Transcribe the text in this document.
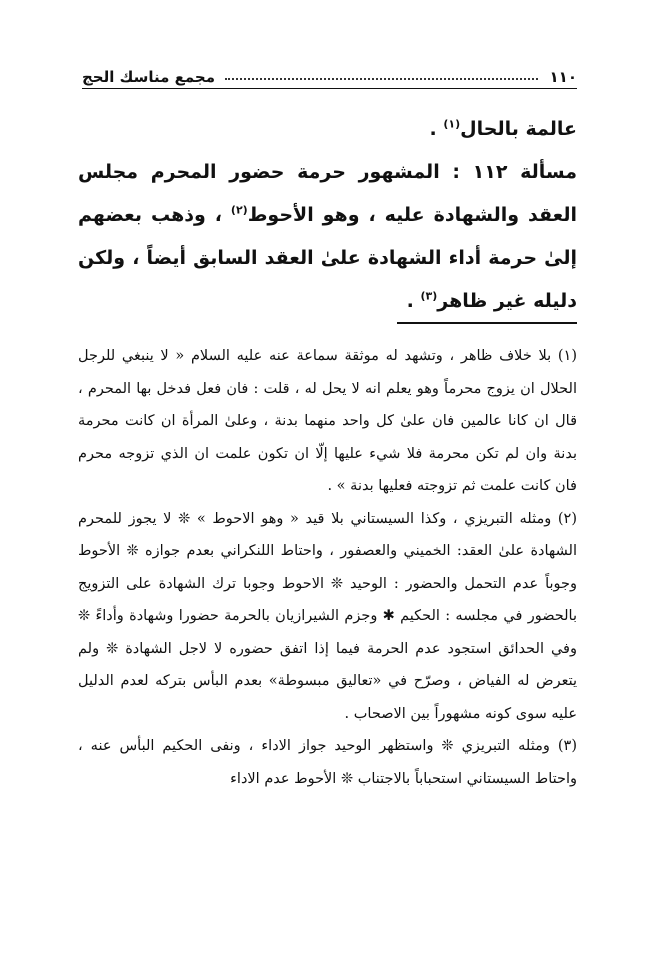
١١٠
مجمع مناسك الحج

عالمة بالحال$^{(١)}$ .

مسألة ١١٢ : المشهور حرمة حضور المحرم مجلس العقد والشهادة عليه ، وهو الأحوط$^{(٢)}$ ، وذهب بعضهم إلىٰ حرمة أداء الشهادة علىٰ العقد السابق أيضاً ، ولكن دليله غير ظاهر$^{(٣)}$ .

(١) بلا خلاف ظاهر ، وتشهد له موثقة سماعة عنه عليه السلام « لا ينبغي للرجل الحلال ان يزوج محرماً وهو يعلم انه لا يحل له ، قلت : فان فعل فدخل بها المحرم ، قال ان كانا عالمين فان علىٰ كل واحد منهما بدنة ، وعلىٰ المرأة ان كانت محرمة بدنة وان لم تكن محرمة فلا شيء عليها إلّا ان تكون علمت ان الذي تزوجه محرم فان كانت علمت ثم تزوجته فعليها بدنة » .

(٢) ومثله التبريزي ، وكذا السيستاني بلا قيد « وهو الاحوط » ❊ لا يجوز للمحرم الشهادة علىٰ العقد: الخميني والعصفور ، واحتاط اللنكراني بعدم جوازه ❊ الأحوط وجوباً عدم التحمل والحضور : الوحيد ❊ الاحوط وجوبا ترك الشهادة على التزويج بالحضور في مجلسه : الحكيم ✱ وجزم الشيرازيان بالحرمة حضورا وشهادة وأداءً ❊ وفي الحدائق استجود عدم الحرمة فيما إذا اتفق حضوره لا لاجل الشهادة ❊ ولم يتعرض له الفياض ، وصرّح في «تعاليق مبسوطة» بعدم البأس بتركه لعدم الدليل عليه سوى كونه مشهوراً بين الاصحاب .

(٣) ومثله التبريزي ❊ واستظهر الوحيد جواز الاداء ، ونفى الحكيم البأس عنه ، واحتاط السيستاني استحباباً بالاجتناب ❊ الأحوط عدم الاداء
